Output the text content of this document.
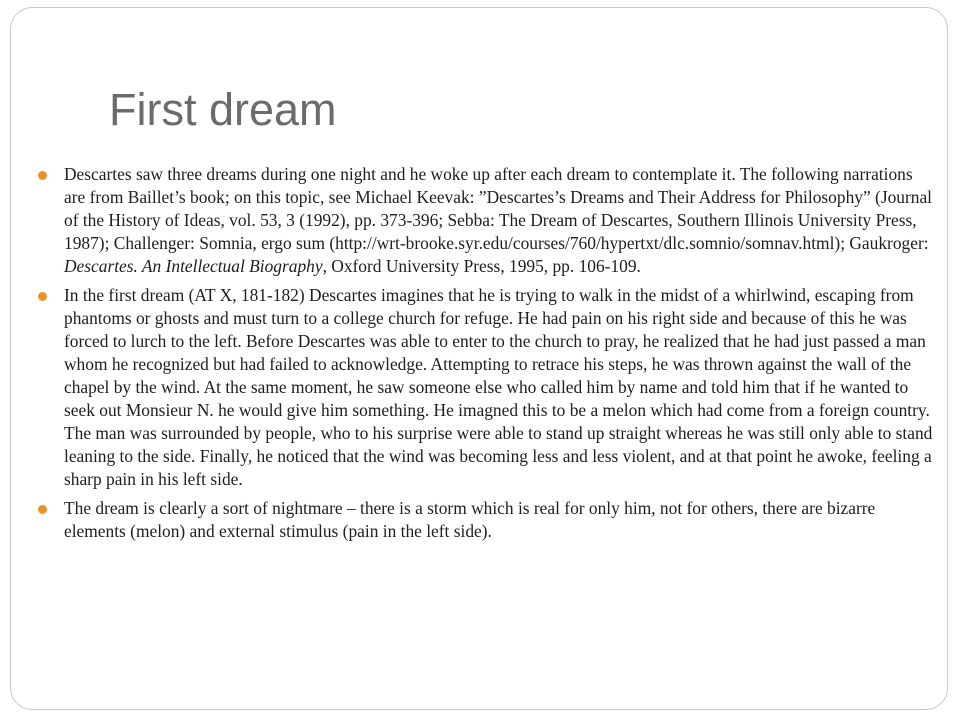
First dream
Descartes saw three dreams during one night and he woke up after each dream to contemplate it. The following narrations are from Baillet’s book; on this topic, see Michael Keevak: ”Descartes’s Dreams and Their Address for Philosophy” (Journal of the History of Ideas, vol. 53, 3 (1992), pp. 373-396; Sebba: The Dream of Descartes, Southern Illinois University Press, 1987); Challenger: Somnia, ergo sum (http://wrt-brooke.syr.edu/courses/760/hypertxt/dlc.somnio/somnav.html); Gaukroger: Descartes. An Intellectual Biography, Oxford University Press, 1995, pp. 106-109.
In the first dream (AT X, 181-182) Descartes imagines that he is trying to walk in the midst of a whirlwind, escaping from phantoms or ghosts and must turn to a college church for refuge. He had pain on his right side and because of this he was forced to lurch to the left. Before Descartes was able to enter to the church to pray, he realized that he had just passed a man whom he recognized but had failed to acknowledge. Attempting to retrace his steps, he was thrown against the wall of the chapel by the wind. At the same moment, he saw someone else who called him by name and told him that if he wanted to seek out Monsieur N. he would give him something. He imagned this to be a melon which had come from a foreign country. The man was surrounded by people, who to his surprise were able to stand up straight whereas he was still only able to stand leaning to the side. Finally, he noticed that the wind was becoming less and less violent, and at that point he awoke, feeling a sharp pain in his left side.
The dream is clearly a sort of nightmare – there is a storm which is real for only him, not for others, there are bizarre elements (melon) and external stimulus (pain in the left side).
